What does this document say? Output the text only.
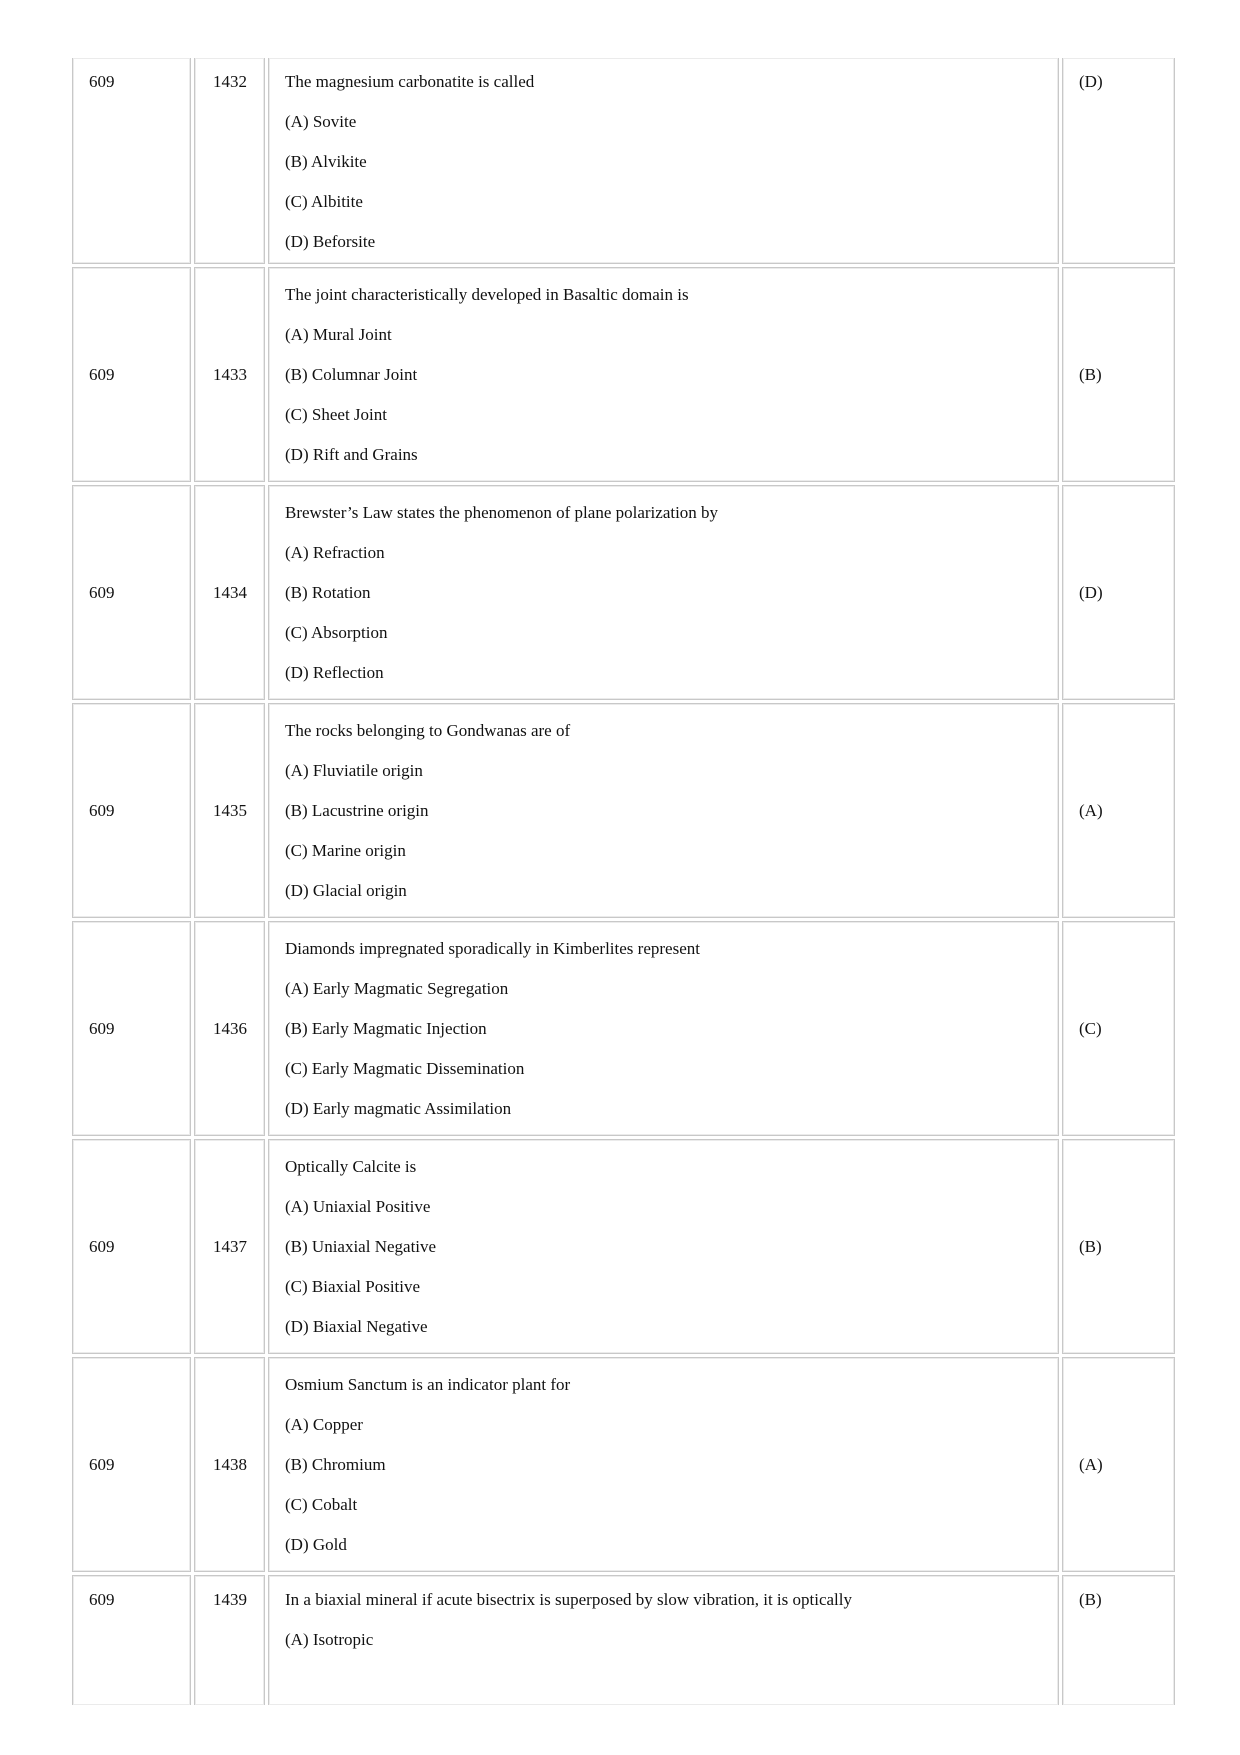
609	1432 The magnesium carbonatite is called
(A) Sovite
(B) Alvikite
(C) Albitite
(D) Beforsite
(D)
609	1433
The joint characteristically developed in Basaltic domain is
(A) Mural Joint
(B) Columnar Joint
(C) Sheet Joint
(D) Rift and Grains
(B)
609	1434
Brewster’s Law states the phenomenon of plane polarization by
(A) Refraction
(B) Rotation
(C) Absorption
(D) Reflection
(D)
609	1435
The rocks belonging to Gondwanas are of
(A) Fluviatile origin
(B) Lacustrine origin
(C) Marine origin
(D) Glacial origin
(A)
609	1436
Diamonds impregnated sporadically in Kimberlites represent
(A) Early Magmatic Segregation
(B) Early Magmatic Injection
(C) Early Magmatic Dissemination
(D) Early magmatic Assimilation
(C)
609	1437
Optically Calcite is
(A) Uniaxial Positive
(B) Uniaxial Negative
(C) Biaxial Positive
(D) Biaxial Negative
(B)
609	1438
Osmium Sanctum is an indicator plant for
(A) Copper
(B) Chromium
(C) Cobalt
(D) Gold
(A)
609	1439 In a biaxial mineral if acute bisectrix is superposed by slow vibration, it is optically
(A) Isotropic
(B)
